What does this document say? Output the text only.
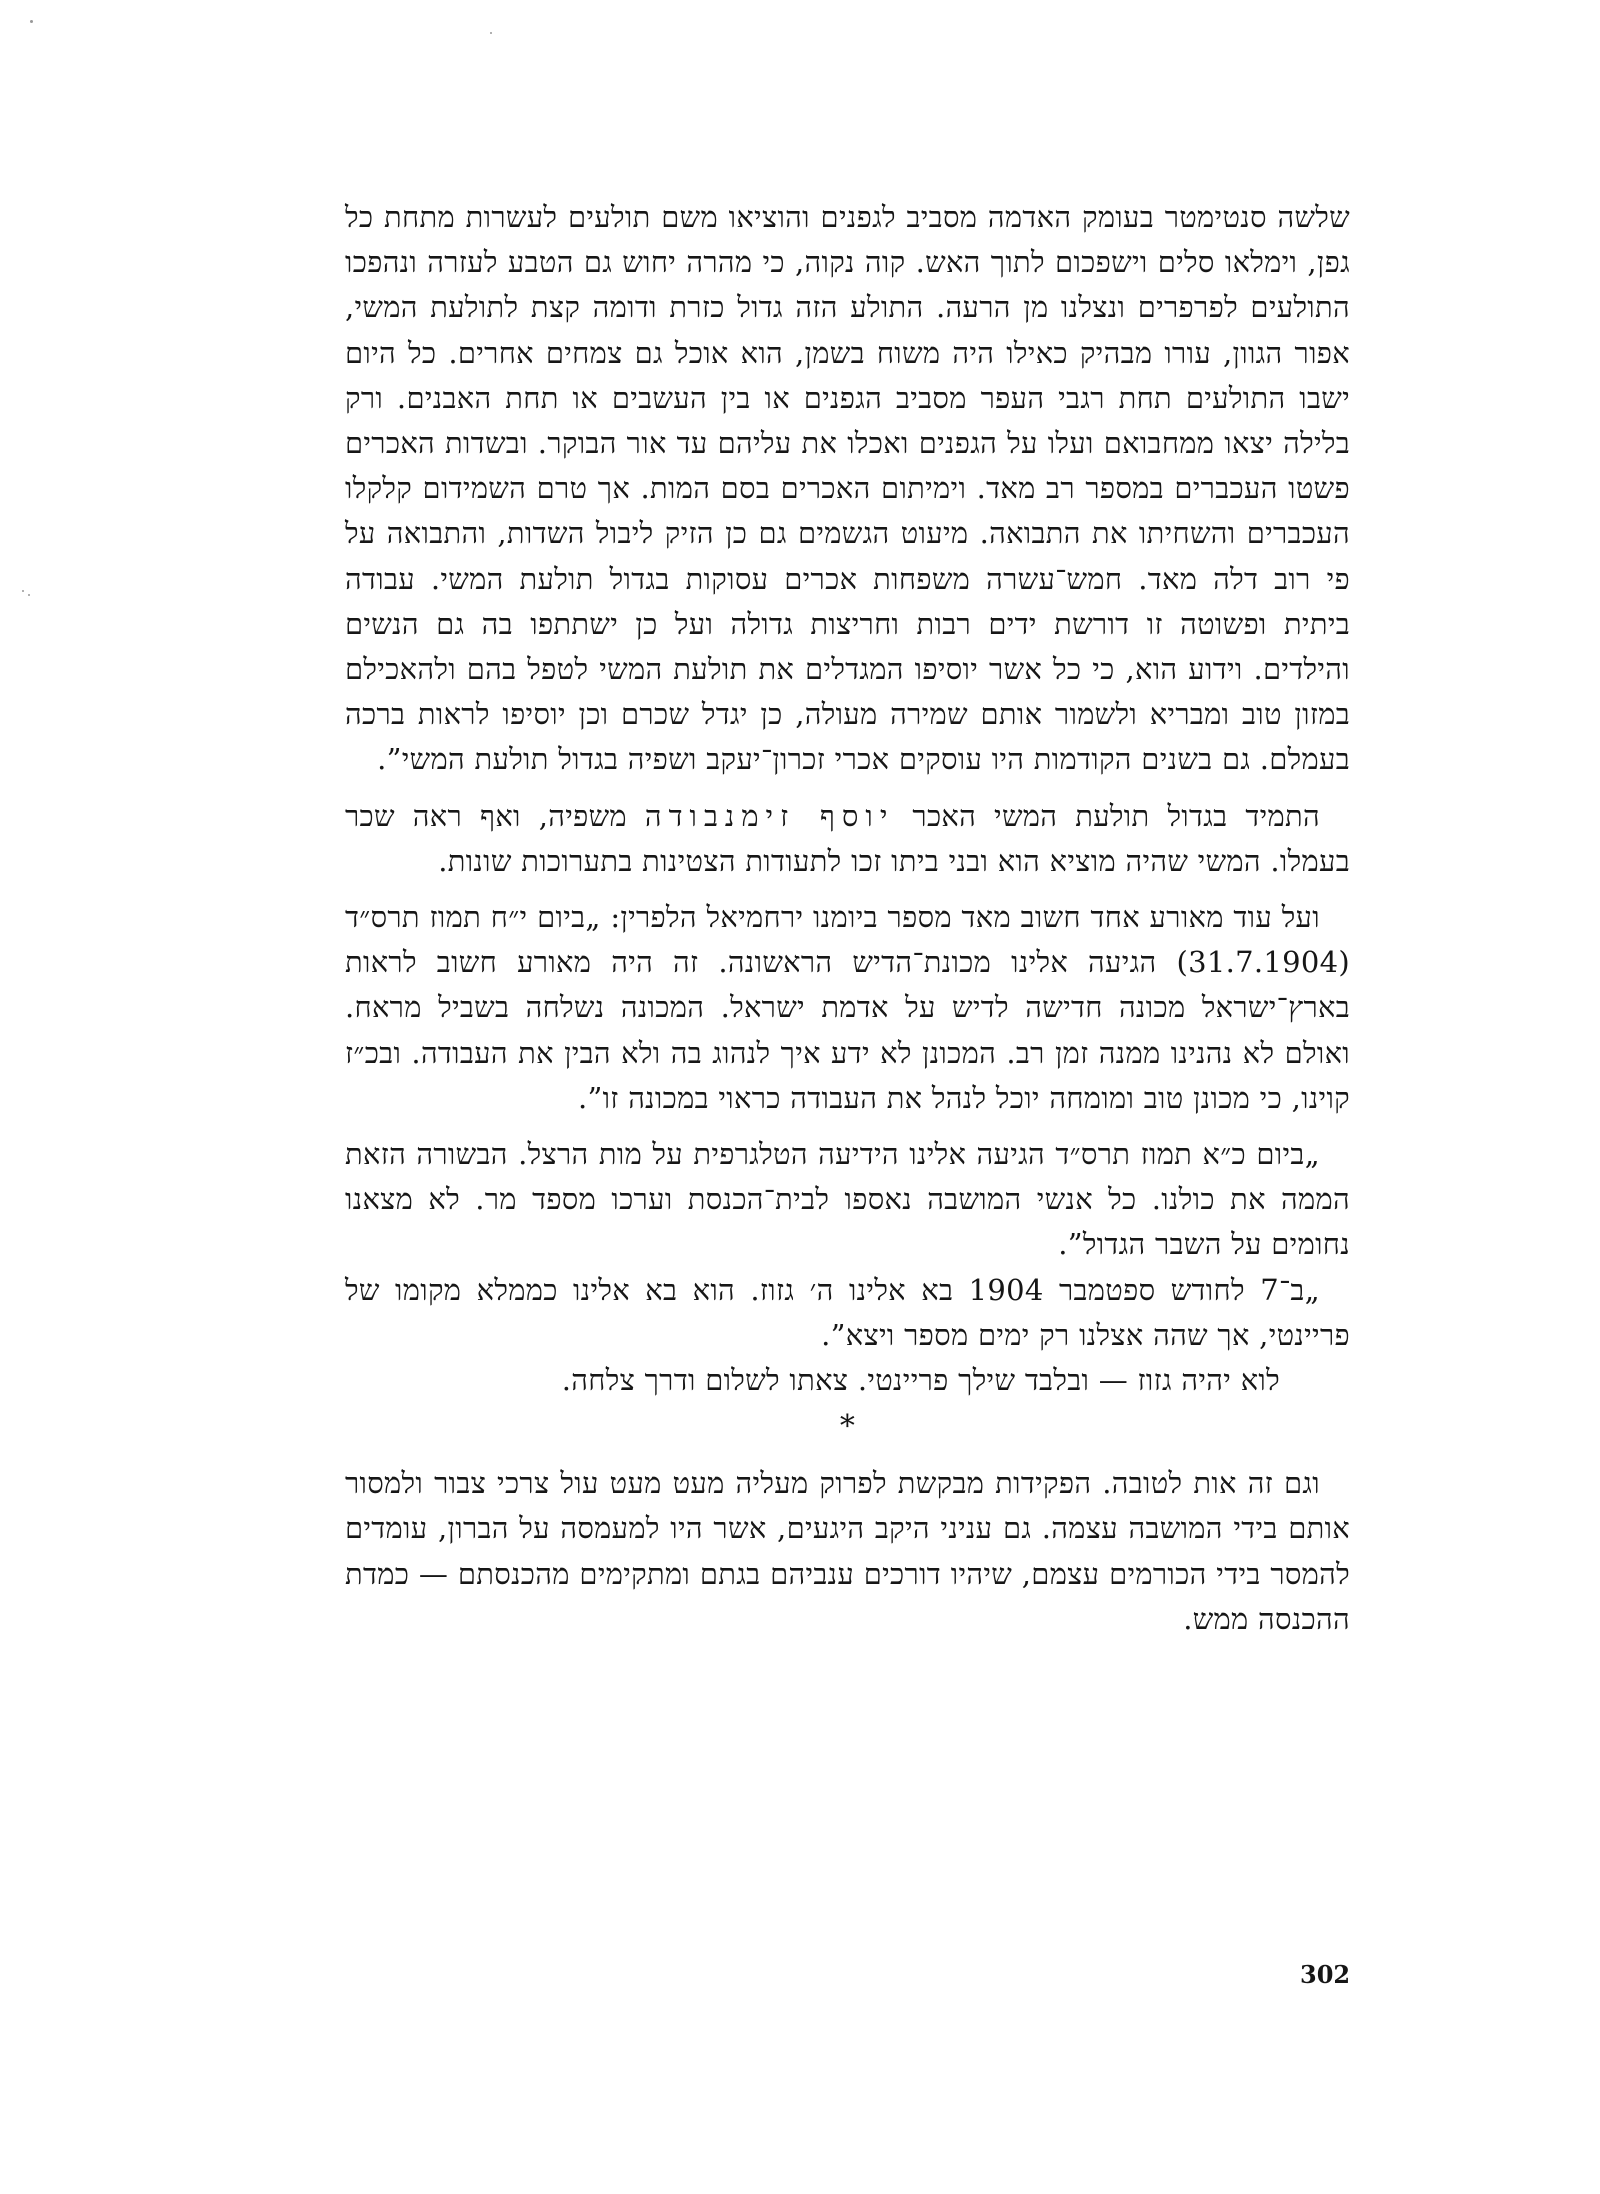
שלשה סנטימטר בעומק האדמה מסביב לגפנים והוציאו משם תולעים לעשרות מתחת כל גפן, וימלאו סלים וישפכום לתוך האש. קוה נקוה, כי מהרה יחוש גם הטבע לעזרה ונהפכו התולעים לפרפרים ונצלנו מן הרעה. התולע הזה גדול כזרת ודומה קצת לתולעת המשי, אפור הגוון, עורו מבהיק כאילו היה משוח בשמן, הוא אוכל גם צמחים אחרים. כל היום ישבו התולעים תחת רגבי העפר מסביב הגפנים או בין העשבים או תחת האבנים. ורק בלילה יצאו ממחבואם ועלו על הגפנים ואכלו את עליהם עד אור הבוקר. ובשדות האכרים פשטו העכברים במספר רב מאד. וימיתום האכרים בסם המות. אך טרם השמידום קלקלו העכברים והשחיתו את התבואה. מיעוט הגשמים גם כן הזיק ליבול השדות, והתבואה על פי רוב דלה מאד. חמש־עשרה משפחות אכרים עסוקות בגדול תולעת המשי. עבודה ביתית ופשוטה זו דורשת ידים רבות וחריצות גדולה ועל כן ישתתפו בה גם הנשים והילדים. וידוע הוא, כי כל אשר יוסיפו המגדלים את תולעת המשי לטפל בהם ולהאכילם במזון טוב ומבריא ולשמור אותם שמירה מעולה, כן יגדל שכרם וכן יוסיפו לראות ברכה בעמלם. גם בשנים הקודמות היו עוסקים אכרי זכרון־יעקב ושפיה בגדול תולעת המשי”.

התמיד בגדול תולעת המשי האכר יוסף זימנבודה משפיה, ואף ראה שכר בעמלו. המשי שהיה מוציא הוא ובני ביתו זכו לתעודות הצטינות בתערוכות שונות.

ועל עוד מאורע אחד חשוב מאד מספר ביומנו ירחמיאל הלפרין: „ביום י״ח תמוז תרס״ד (31.7.1904) הגיעה אלינו מכונת־הדיש הראשונה. זה היה מאורע חשוב לראות בארץ־ישראל מכונה חדישה לדיש על אדמת ישראל. המכונה נשלחה בשביל מראח. ואולם לא נהנינו ממנה זמן רב. המכונן לא ידע איך לנהוג בה ולא הבין את העבודה. ובכ״ז קוינו, כי מכונן טוב ומומחה יוכל לנהל את העבודה כראוי במכונה זו”.

„ביום כ״א תמוז תרס״ד הגיעה אלינו הידיעה הטלגרפית על מות הרצל. הבשורה הזאת הממה את כולנו. כל אנשי המושבה נאספו לבית־הכנסת וערכו מספד מר. לא מצאנו נחומים על השבר הגדול”.

„ב־7 לחודש ספטמבר 1904 בא אלינו ה׳ גזוז. הוא בא אלינו כממלא מקומו של פריינטי, אך שהה אצלנו רק ימים מספר ויצא”.

לוא יהיה גזוז — ובלבד שילך פריינטי. צאתו לשלום ודרך צלחה.

*

וגם זה אות לטובה. הפקידות מבקשת לפרוק מעליה מעט מעט עול צרכי צבור ולמסור אותם בידי המושבה עצמה. גם עניני היקב היגעים, אשר היו למעמסה על הברון, עומדים להמסר בידי הכורמים עצמם, שיהיו דורכים ענביהם בגתם ומתקימים מהכנסתם — כמדת ההכנסה ממש.

302
